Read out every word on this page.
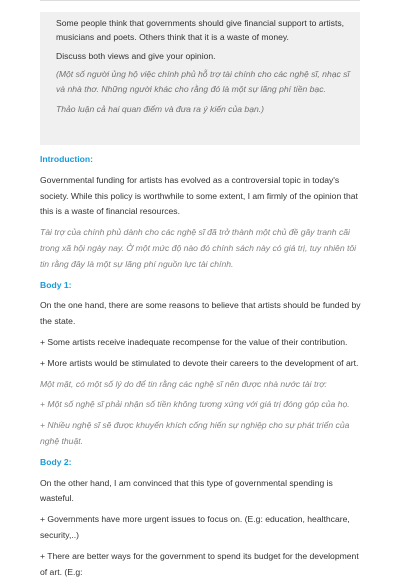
Some people think that governments should give financial support to artists, musicians and poets. Others think that it is a waste of money.

Discuss both views and give your opinion.

(Một số người ủng hộ việc chính phủ hỗ trợ tài chính cho các nghệ sĩ, nhạc sĩ và nhà thơ. Những người khác cho rằng đó là một sự lãng phí tiền bạc.

Thảo luận cả hai quan điểm và đưa ra ý kiến của bạn.)

Introduction:

Governmental funding for artists has evolved as a controversial topic in today's society. While this policy is worthwhile to some extent, I am firmly of the opinion that this is a waste of financial resources.

Tài trợ của chính phủ dành cho các nghệ sĩ đã trở thành một chủ đề gây tranh cãi trong xã hội ngày nay. Ở một mức độ nào đó chính sách này có giá trị, tuy nhiên tôi tin rằng đây là một sự lãng phí nguồn lực tài chính.

Body 1:

On the one hand, there are some reasons to believe that artists should be funded by the state.

+ Some artists receive inadequate recompense for the value of their contribution.

+ More artists would be stimulated to devote their careers to the development of art.

Một mặt, có một số lý do để tin rằng các nghệ sĩ nên được nhà nước tài trợ:

+ Một số nghệ sĩ phải nhận số tiền không tương xứng với giá trị đóng góp của họ.

+ Nhiều nghệ sĩ sẽ được khuyến khích cống hiến sự nghiệp cho sự phát triển của nghệ thuật.

Body 2:

On the other hand, I am convinced that this type of governmental spending is wasteful.

+ Governments have more urgent issues to focus on. (E.g: education, healthcare, security,..)

+ There are better ways for the government to spend its budget for the development of art. (E.g:
